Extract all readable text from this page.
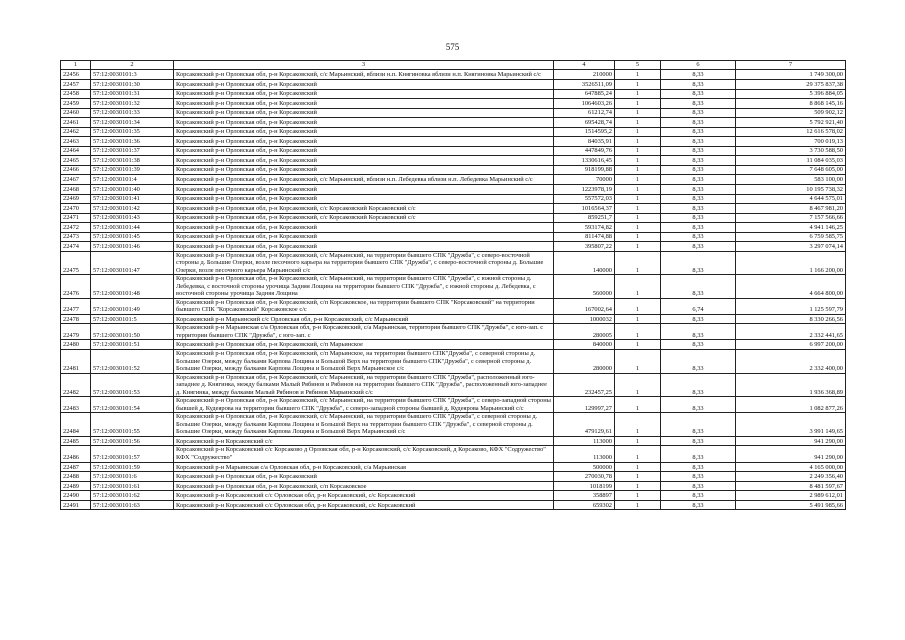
575
1	2	3	4	5	6	7
22456	57:12:0030101:3	Корсаковский р-н Орловская обл, р-н Корсаковский, с/с Марьинский, вблизи н.п. Княгиновка вблизи н.п. Княгиновка Марьинский с/с	210000	1	8,33	1 749 300,00
22457	57:12:0030101:30	Корсаковский р-н Орловская обл, р-н Корсаковский	3526511,09	1	8,33	29 375 837,38
22458	57:12:0030101:31	Корсаковский р-н Орловская обл, р-н Корсаковский	647885,24	1	8,33	5 396 884,05
22459	57:12:0030101:32	Корсаковский р-н Орловская обл, р-н Корсаковский	1064603,26	1	8,33	8 868 145,16
22460	57:12:0030101:33	Корсаковский р-н Орловская обл, р-н Корсаковский	61212,74	1	8,33	509 902,12
22461	57:12:0030101:34	Корсаковский р-н Орловская обл, р-н Корсаковский	695428,74	1	8,33	5 792 921,40
22462	57:12:0030101:35	Корсаковский р-н Орловская обл, р-н Корсаковский	1514595,2	1	8,33	12 616 578,02
22463	57:12:0030101:36	Корсаковский р-н Орловская обл, р-н Корсаковский	84035,91	1	8,33	700 019,13
22464	57:12:0030101:37	Корсаковский р-н Орловская обл, р-н Корсаковский	447849,76	1	8,33	3 730 588,50
22465	57:12:0030101:38	Корсаковский р-н Орловская обл, р-н Корсаковский	1330616,45	1	8,33	11 084 035,03
22466	57:12:0030101:39	Корсаковский р-н Орловская обл, р-н Корсаковский	918199,88	1	8,33	7 648 605,00
22467	57:12:0030101:4	Корсаковский р-н Орловская обл, р-н Корсаковский, с/с Марьинский, вблизи н.п. Лебедевка вблизи н.п. Лебедевка Марьинский с/с	70000	1	8,33	583 100,00
22468	57:12:0030101:40	Корсаковский р-н Орловская обл, р-н Корсаковский	1223978,19	1	8,33	10 195 738,32
22469	57:12:0030101:41	Корсаковский р-н Орловская обл, р-н Корсаковский	557572,03	1	8,33	4 644 575,01
22470	57:12:0030101:42	Корсаковский р-н Орловская обл, р-н Корсаковский, с/с Корсаковский Корсаковский с/с	1016564,37	1	8,33	8 467 981,20
22471	57:12:0030101:43	Корсаковский р-н Орловская обл, р-н Корсаковский, с/с Корсаковский Корсаковский с/с	859251,7	1	8,33	7 157 566,66
22472	57:12:0030101:44	Корсаковский р-н Орловская обл, р-н Корсаковский	593174,82	1	8,33	4 941 146,25
22473	57:12:0030101:45	Корсаковский р-н Орловская обл, р-н Корсаковский	811474,88	1	8,33	6 759 585,75
22474	57:12:0030101:46	Корсаковский р-н Орловская обл, р-н Корсаковский	395807,22	1	8,33	3 297 074,14
22475	57:12:0030101:47	Корсаковский р-н Орловская обл, р-н Корсаковский, с/с Марьинский, на территории бывшего СПК "Дружба", с северо-восточной стороны д. Большие Озерки, возле песочного карьера на территории бывшего СПК "Дружба", с северо-восточной стороны д. Большие Озерки, возле песочного карьера Марьинский с/с	140000	1	8,33	1 166 200,00
22476	57:12:0030101:48	Корсаковский р-н Орловская обл, р-н Корсаковский, с/с Марьинский, на территории бывшего СПК "Дружба", с южной стороны д. Лебедевка, с восточной стороны урочища Задняя Лощина на территории бывшего СПК "Дружба", с южной стороны д. Лебедевка, с восточной стороны урочища Задняя Лощина	560000	1	8,33	4 664 800,00
22477	57:12:0030101:49	Корсаковский р-н Орловская обл, р-н Корсаковский, с/п Корсаковское, на территории бывшего СПК "Корсаковский" на территории бывшего СПК "Корсаковский" Корсаковское с/с	167002,64	1	6,74	1 125 597,79
22478	57:12:0030101:5	Корсаковский р-н Марьинский с/с Орловская обл, р-н Корсаковский, с/с Марьинский	1000032	1	8,33	8 330 266,56
22479	57:12:0030101:50	Корсаковский р-н Марьинская с/а Орловская обл, р-н Корсаковский, с/а Марьинская, территория бывшего СПК "Дружба", с юго-зап. с территории бывшего СПК "Дружба", с юго-зап. с	280005	1	8,33	2 332 441,65
22480	57:12:0030101:51	Корсаковский р-н Орловская обл, р-н Корсаковский, с/п Марьинское	840000	1	8,33	6 997 200,00
22481	57:12:0030101:52	Корсаковский р-н Орловская обл, р-н Корсаковский, с/п Марьинское, на территории бывшего СПК"Дружба", с северной стороны д. Большие Озерки, между балками Карпова Лощина и Большой Верх на территории бывшего СПК"Дружба", с северной стороны д. Большие Озерки, между балками Карпова Лощина и Большой Верх Марьинское с/с	280000	1	8,33	2 332 400,00
22482	57:12:0030101:53	Корсаковский р-н Орловская обл, р-н Корсаковский, с/с Марьинский, на территории бывшего СПК "Дружба", расположенный юго-западнее д. Княгинка, между балками Малый Рябинов и Рябинов на территории бывшего СПК "Дружба", расположенный юго-западнее д. Княгинка, между балками Малый Рябинов и Рябинов Марьинский с/с	232457,25	1	8,33	1 936 368,89
22483	57:12:0030101:54	Корсаковский р-н Орловская обл, р-н Корсаковский, с/с Марьинский, на территории бывшего СПК "Дружба", с северо-западной стороны бывшей д. Кудеярова на территории бывшего СПК "Дружба", с северо-западной стороны бывшей д. Кудеярова Марьинский с/с	129997,27	1	8,33	1 082 877,26
22484	57:12:0030101:55	Корсаковский р-н Орловская обл, р-н Корсаковский, с/с Марьинский, на территории бывшего СПК "Дружба", с северной стороны д. Большие Озерки, между балками Карпова Лощина и Большой Верх на территории бывшего СПК "Дружба", с северной стороны д. Большие Озерки, между балками Карпова Лощина и Большой Верх Марьинский с/с	479129,61	1	8,33	3 991 149,65
22485	57:12:0030101:56	Корсаковский р-н Корсаковский с/с	113000	1	8,33	941 290,00
22486	57:12:0030101:57	Корсаковский р-н Корсаковский с/с Корсаково д Орловская обл, р-н Корсаковский, с/с Корсаковский, д Корсаково, КФХ "Содружество" КФХ "Содружество"	113000	1	8,33	941 290,00
22487	57:12:0030101:59	Корсаковский р-н Марьинская с/а Орловская обл, р-н Корсаковский, с/а Марьинская	500000	1	8,33	4 165 000,00
22488	57:12:0030101:6	Корсаковский р-н Орловская обл, р-н Корсаковский	270030,78	1	8,33	2 249 356,40
22489	57:12:0030101:61	Корсаковский р-н Орловская обл, р-н Корсаковский, с/п Корсаковское	1018199	1	8,33	8 481 597,67
22490	57:12:0030101:62	Корсаковский р-н Корсаковский с/с Орловская обл, р-н Корсаковский, с/с Корсаковский	358897	1	8,33	2 989 612,01
22491	57:12:0030101:63	Корсаковский р-н Корсаковский с/с Орловская обл, р-н Корсаковский, с/с Корсаковский	659302	1	8,33	5 491 985,66
